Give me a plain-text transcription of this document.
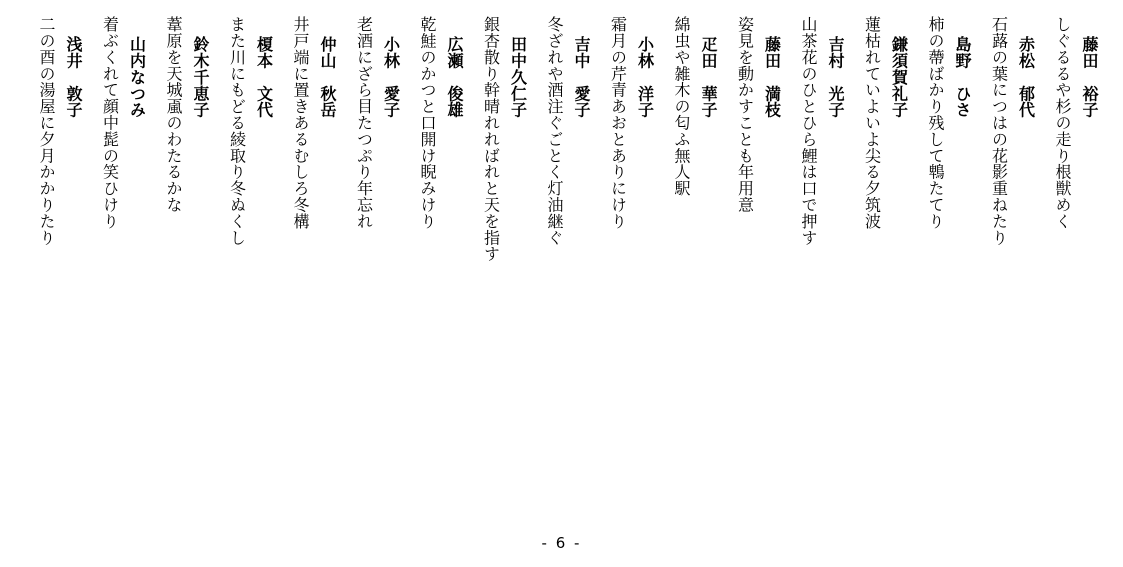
藤田　裕子
しぐるるや杉の走り根獣めく
赤松　郁代
石蕗の葉につはの花影重ねたり
島野　ひさ
柿の蔕ばかり残して鵯たてり
鎌須賀礼子
蓮枯れていよいよ尖る夕筑波
吉村　光子
山茶花のひとひら鯉は口で押す
藤田　満枝
姿見を動かすことも年用意
疋田　華子
綿虫や雑木の匂ふ無人駅
小林　洋子
霜月の芹青あおとありにけり
吉中　愛子
冬ざれや酒注ぐごとく灯油継ぐ
田中久仁子
銀杏散り幹晴れればれと天を指す
広瀬　俊雄
乾鮭のかつと口開け睨みけり
小林　愛子
老酒にざら目たつぷり年忘れ
仲山　秋岳
井戸端に置きあるむしろ冬構
榎本　文代
また川にもどる綾取り冬ぬくし
鈴木千恵子
葦原を天城颪のわたるかな
山内なつみ
着ぶくれて顔中髭の笑ひけり
浅井　敦子
二の酉の湯屋に夕月かかりたり
- 6 -
